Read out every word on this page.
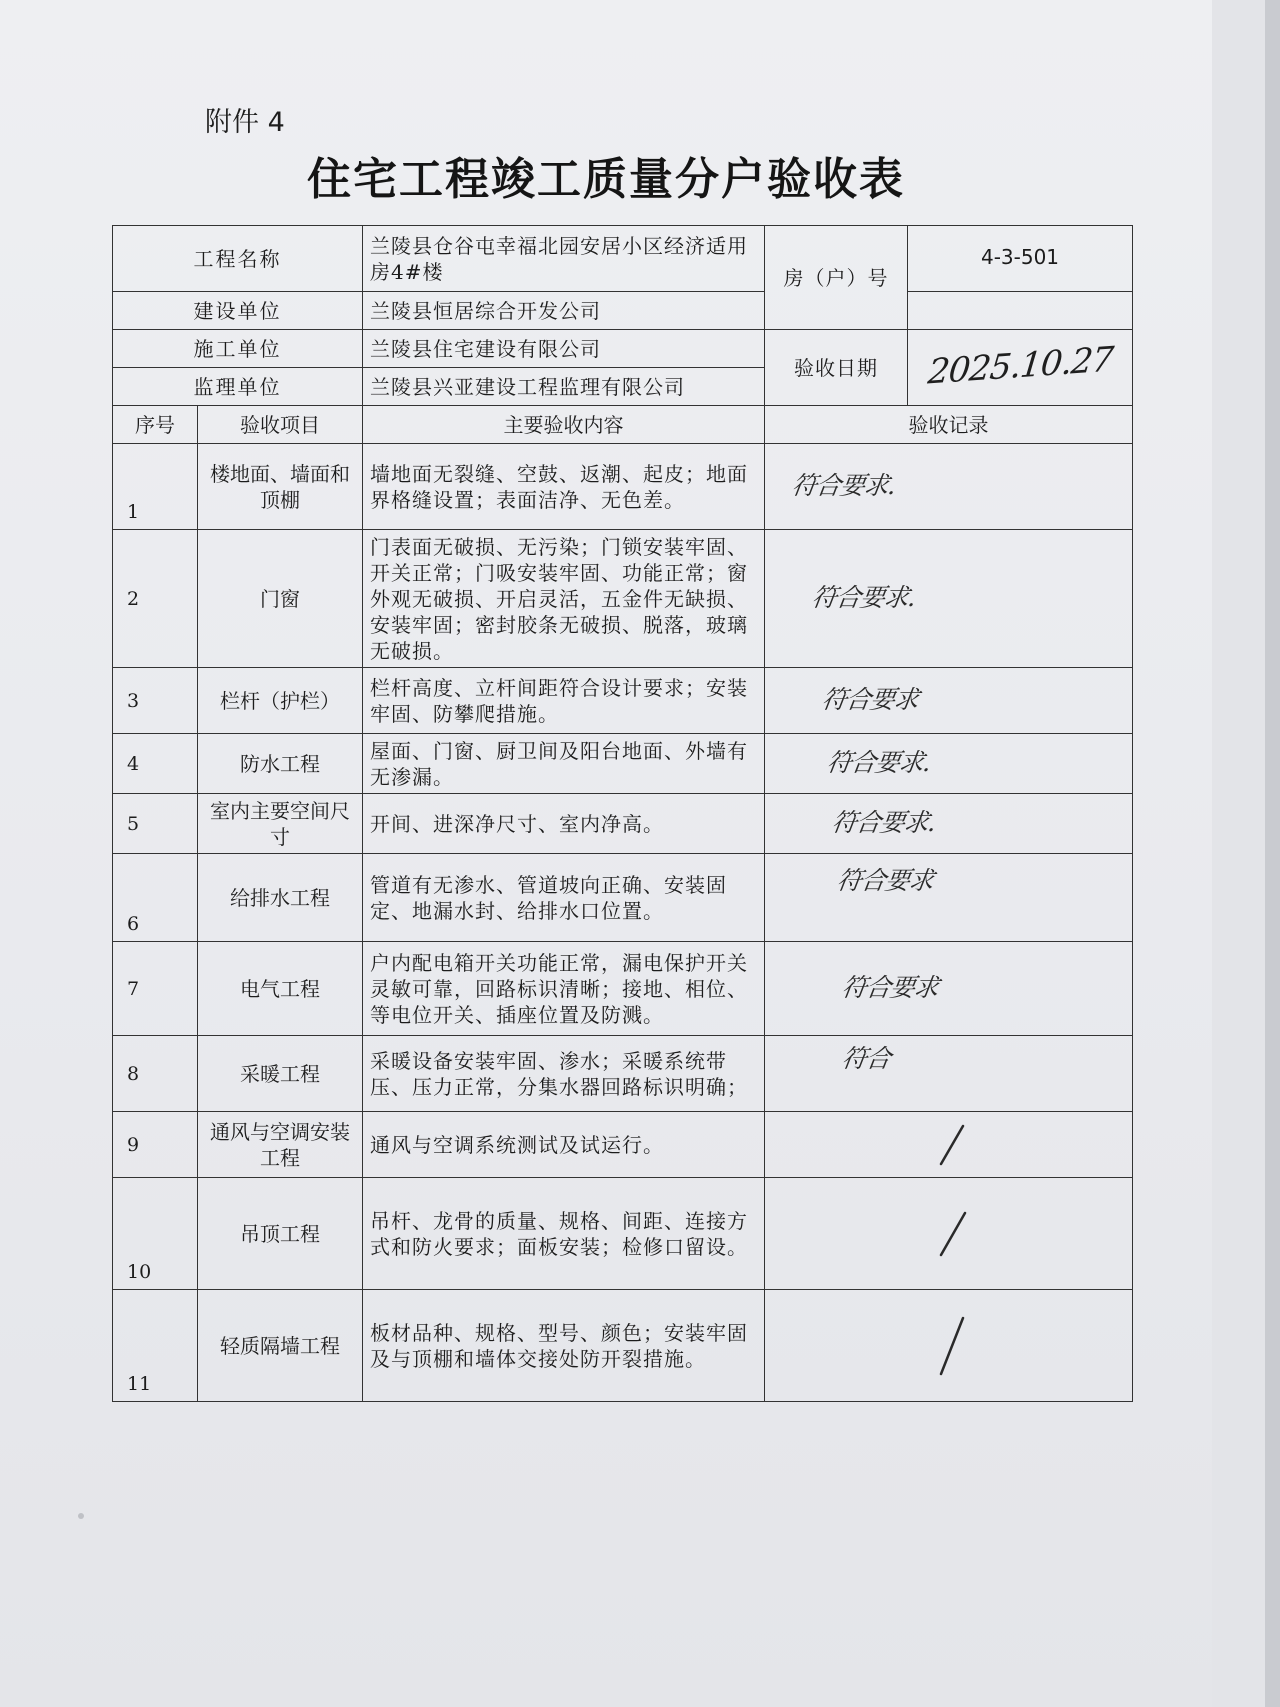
附件 4
住宅工程竣工质量分户验收表
工程名称		兰陵县仓谷屯幸福北园安居小区经济适用房4#楼	房（户）号	4-3-501
建设单位		兰陵县恒居综合开发公司		
施工单位		兰陵县住宅建设有限公司	验收日期	2025.10.27
监理单位		兰陵县兴亚建设工程监理有限公司		
序号	验收项目	主要验收内容	验收记录	
1	楼地面、墙面和顶棚	墙地面无裂缝、空鼓、返潮、起皮；地面界格缝设置；表面洁净、无色差。	符合要求.	
2	门窗	门表面无破损、无污染；门锁安装牢固、开关正常；门吸安装牢固、功能正常；窗外观无破损、开启灵活，五金件无缺损、 安装牢固；密封胶条无破损、脱落，玻璃无破损。	符合要求.	
3	栏杆（护栏）	栏杆高度、立杆间距符合设计要求；安装牢固、防攀爬措施。	符合要求	
4	防水工程	屋面、门窗、厨卫间及阳台地面、外墙有无渗漏。	符合要求.	
5	室内主要空间尺寸	开间、进深净尺寸、室内净高。	符合要求.	
6	给排水工程	管道有无渗水、管道坡向正确、安装固定、地漏水封、给排水口位置。	符合要求	
7	电气工程	户内配电箱开关功能正常，漏电保护开关灵敏可靠，回路标识清晰；接地、相位、等电位开关、插座位置及防溅。	符合要求	
8	采暖工程	采暖设备安装牢固、渗水；采暖系统带压、压力正常，分集水器回路标识明确；	符合	
9	通风与空调安装工程	通风与空调系统测试及试运行。	

10	吊顶工程	吊杆、龙骨的质量、规格、间距、连接方式和防火要求；面板安装；检修口留设。	

11	轻质隔墙工程	板材品种、规格、型号、颜色；安装牢固及与顶棚和墙体交接处防开裂措施。	
